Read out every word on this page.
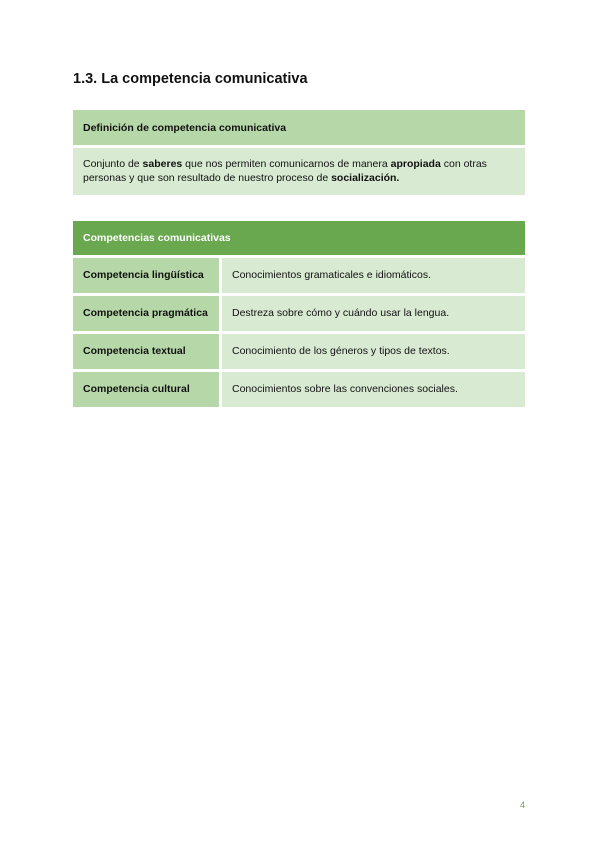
1.3. La competencia comunicativa
Definición de competencia comunicativa
Conjunto de saberes que nos permiten comunicarnos de manera apropiada con otras personas y que son resultado de nuestro proceso de socialización.
Competencias comunicativas
Competencia lingüística	Conocimientos gramaticales e idiomáticos.
Competencia pragmática	Destreza sobre cómo y cuándo usar la lengua.
Competencia textual	Conocimiento de los géneros y tipos de textos.
Competencia cultural	Conocimientos sobre las convenciones sociales.
4
